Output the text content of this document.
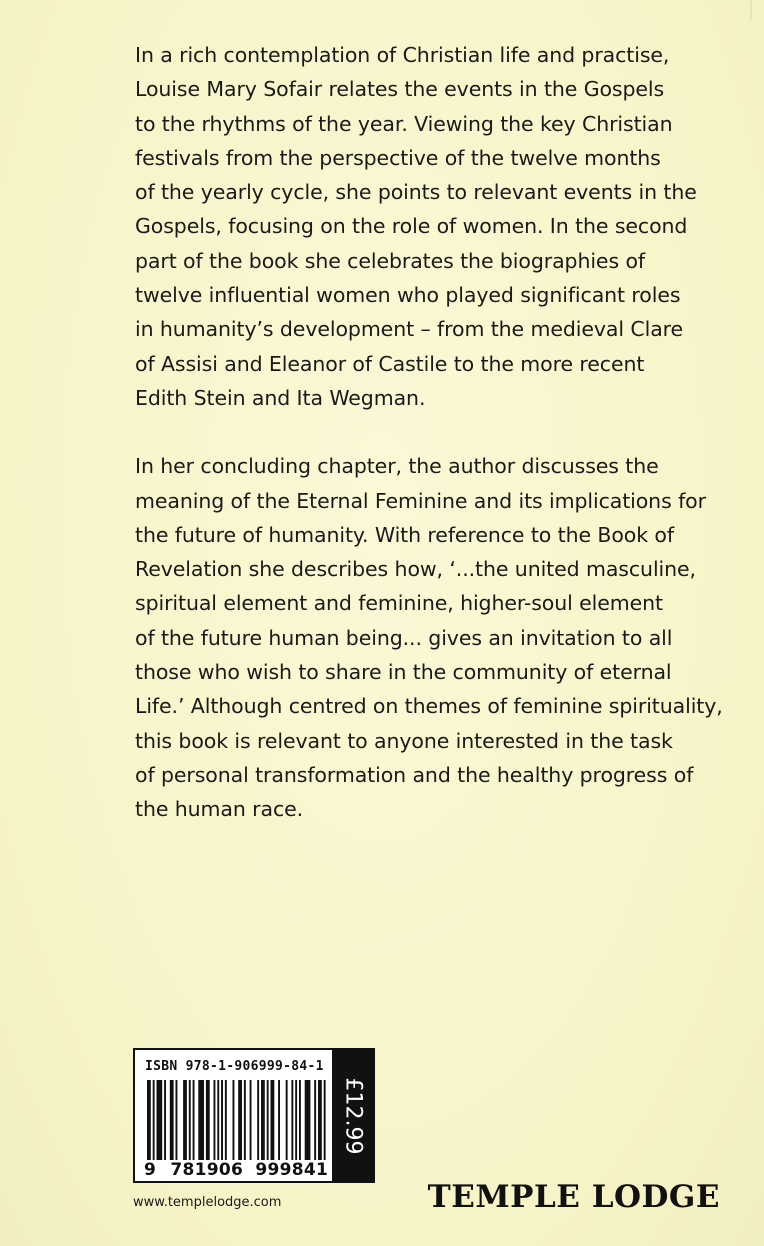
In a rich contemplation of Christian life and practise,
Louise Mary Sofair relates the events in the Gospels
to the rhythms of the year. Viewing the key Christian
festivals from the perspective of the twelve months
of the yearly cycle, she points to relevant events in the
Gospels, focusing on the role of women. In the second
part of the book she celebrates the biographies of
twelve influential women who played significant roles
in humanity’s development – from the medieval Clare
of Assisi and Eleanor of Castile to the more recent
Edith Stein and Ita Wegman.

In her concluding chapter, the author discusses the
meaning of the Eternal Feminine and its implications for
the future of humanity. With reference to the Book of
Revelation she describes how, ‘...the united masculine,
spiritual element and feminine, higher-soul element
of the future human being... gives an invitation to all
those who wish to share in the community of eternal
Life.’ Although centred on themes of feminine spirituality,
this book is relevant to anyone interested in the task
of personal transformation and the healthy progress of
the human race.

ISBN 978-1-906999-84-1
9 781906 999841
£12.99
www.templelodge.com	TEMPLE LODGE
